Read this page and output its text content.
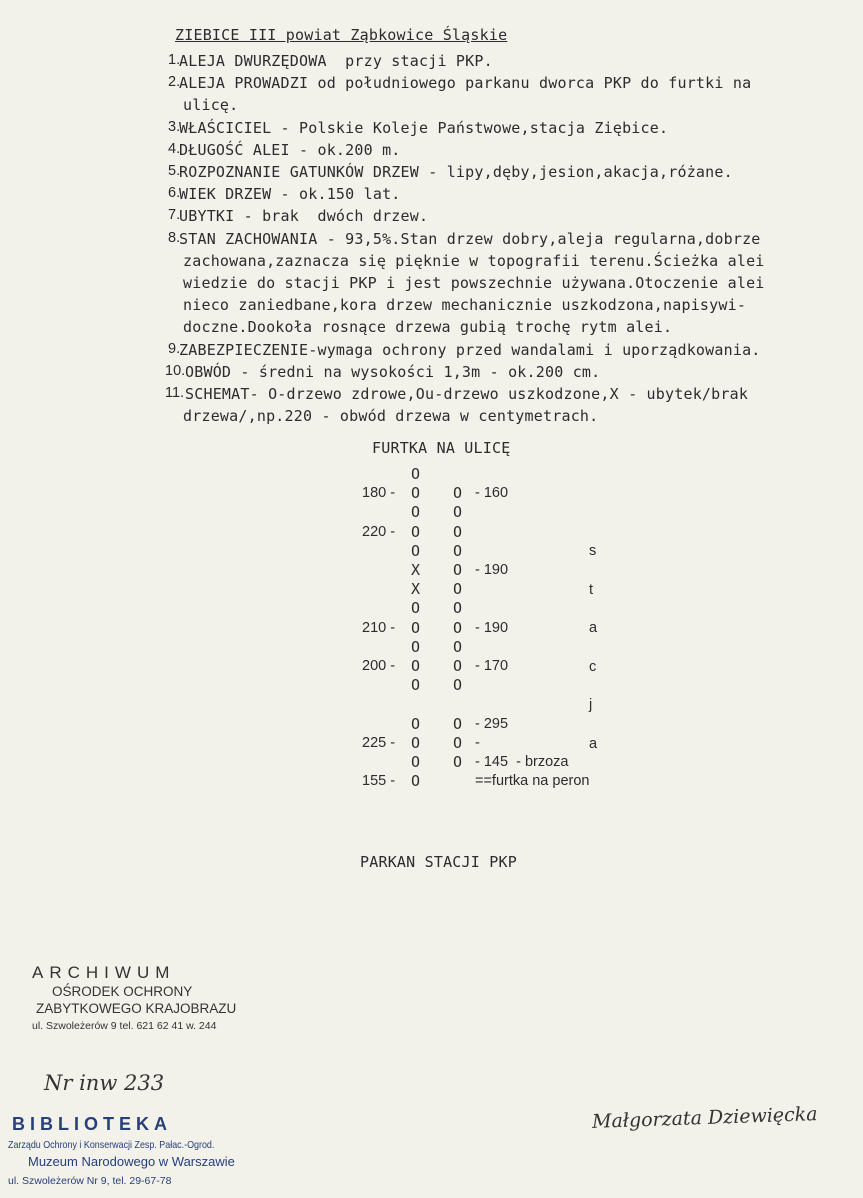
ZIEBICE III powiat Ząbkowice Śląskie
1.
ALEJA DWURZĘDOWA  przy stacji PKP.
2.
ALEJA PROWADZI od południowego parkanu dworca PKP do furtki na
ulicę.
3.
WŁAŚCICIEL - Polskie Koleje Państwowe,stacja Ziębice.
4.
DŁUGOŚĆ ALEI - ok.200 m.
5.
ROZPOZNANIE GATUNKÓW DRZEW - lipy,dęby,jesion,akacja,różane.
6.
WIEK DRZEW - ok.150 lat.
7.
UBYTKI - brak  dwóch drzew.
8.
STAN ZACHOWANIA - 93,5%.Stan drzew dobry,aleja regularna,dobrze
zachowana,zaznacza się pięknie w topografii terenu.Ścieżka alei
wiedzie do stacji PKP i jest powszechnie używana.Otoczenie alei
nieco zaniedbane,kora drzew mechanicznie uszkodzona,napisywi-
doczne.Dookoła rosnące drzewa gubią trochę rytm alei.
9.
ZABEZPIECZENIE-wymaga ochrony przed wandalami i uporządkowania.
10. OBWÓD - średni na wysokości 1,3m - ok.200 cm.
11. SCHEMAT- O-drzewo zdrowe,Ou-drzewo uszkodzone,X - ubytek/brak
drzewa/,np.220 - obwód drzewa w centymetrach.
FURTKA NA ULICĘ
O
180 - O O - 160
O O
220 - O O
O O
X O - 190
X O
O O
210 - O O - 190
O O
200 - O O - 170
O O
O O - 295
225 - O O -
O O - 145  - brzoza
155 - O	==furtka na peron
s
t
a
c
j
a
PARKAN STACJI PKP
ARCHIWUM
OŚRODEK OCHRONY
ZABYTKOWEGO KRAJOBRAZU
ul. Szwoleżerów 9 tel. 621 62 41 w. 244
Nr inw 233
BIBLIOTEKA
Zarządu Ochrony i Konserwacji Zesp. Pałac.-Ogrod.
Muzeum Narodowego w Warszawie
ul. Szwoleżerów Nr 9, tel. 29-67-78
Małgorzata Dziewięcka
